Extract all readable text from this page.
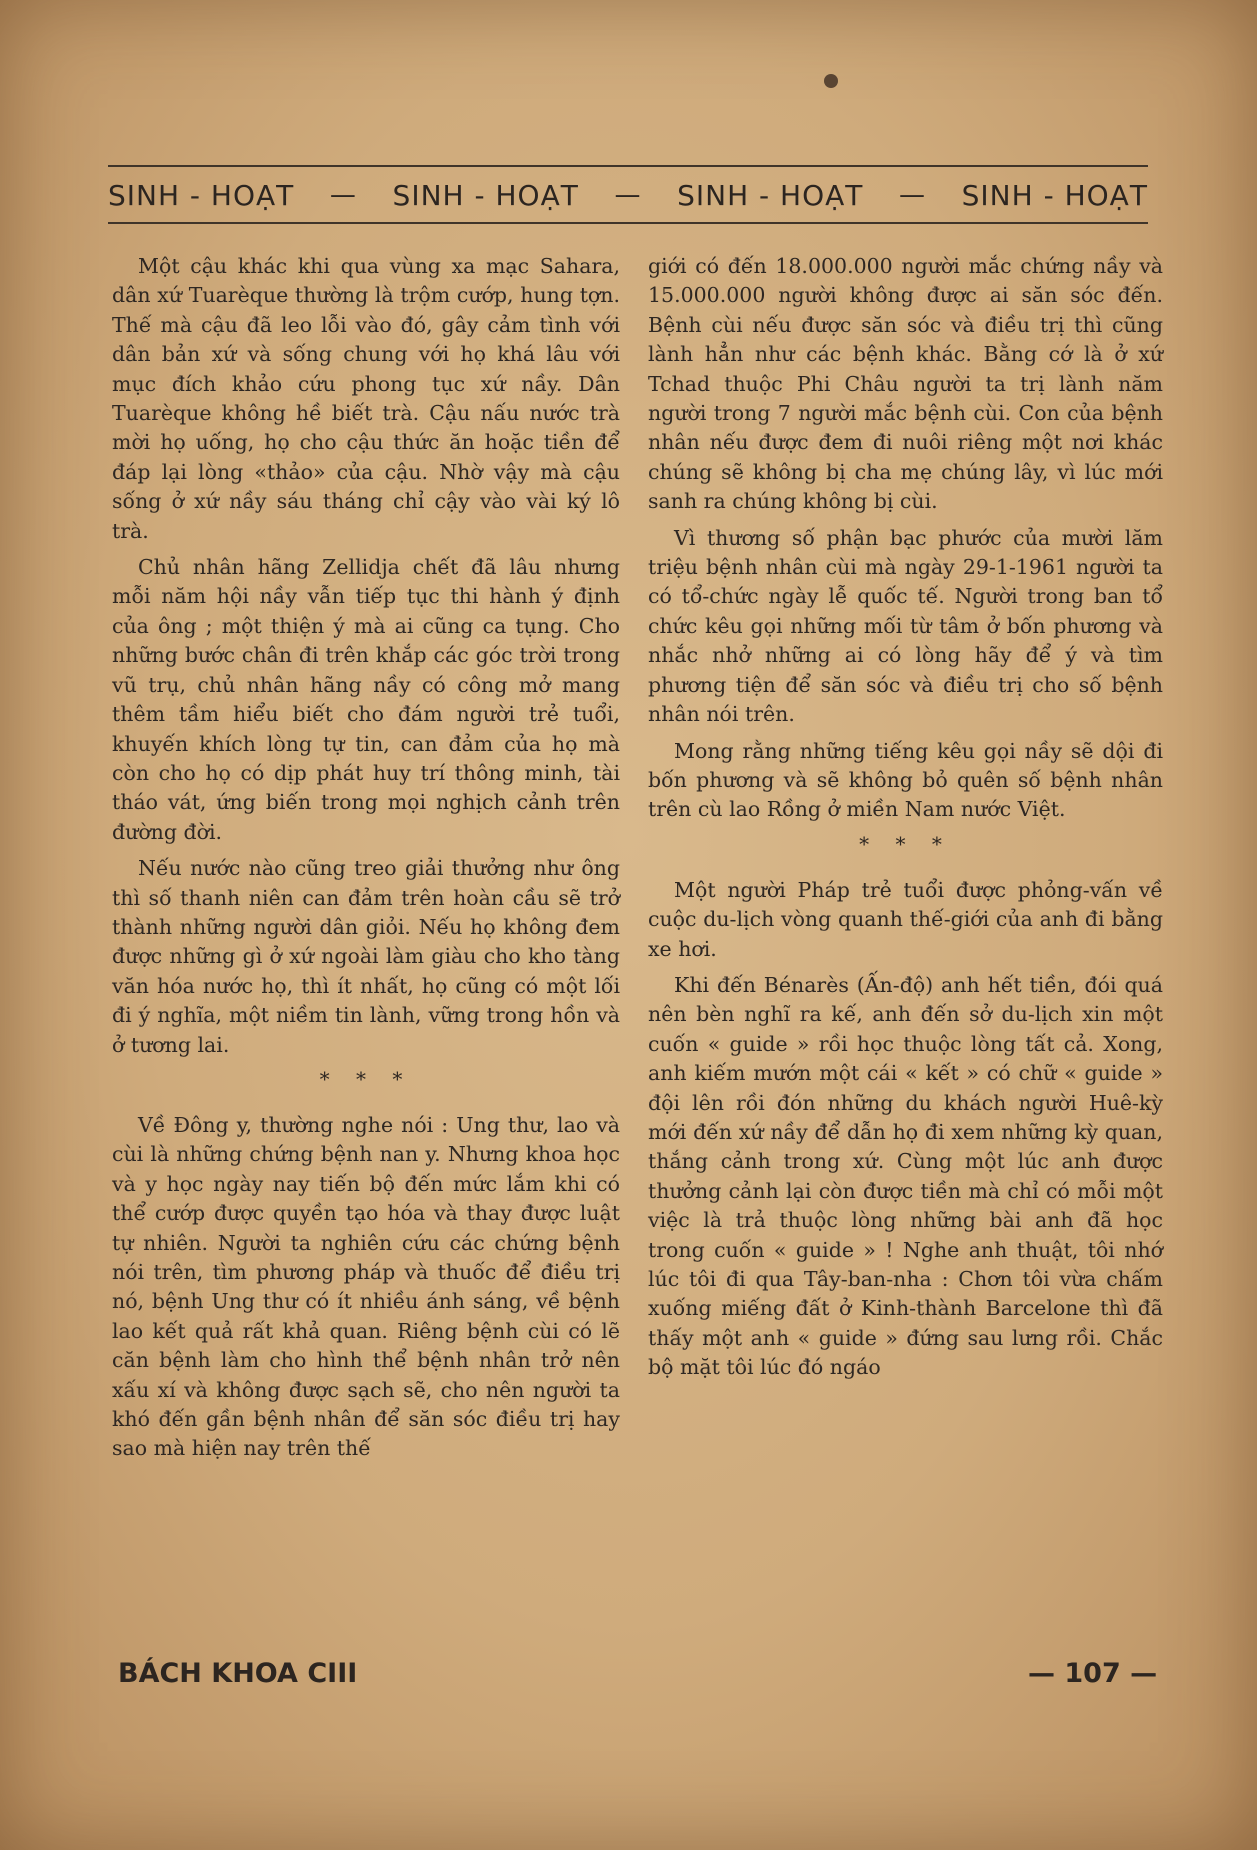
SINH - HOẠT — SINH - HOẠT — SINH - HOẠT — SINH - HOẠT

Một cậu khác khi qua vùng xa mạc Sahara, dân xứ Tuarèque thường là trộm cướp, hung tợn. Thế mà cậu đã leo lỗi vào đó, gây cảm tình với dân bản xứ và sống chung với họ khá lâu với mục đích khảo cứu phong tục xứ nầy. Dân Tuarèque không hề biết trà. Cậu nấu nước trà mời họ uống, họ cho cậu thức ăn hoặc tiền để đáp lại lòng «thảo» của cậu. Nhờ vậy mà cậu sống ở xứ nầy sáu tháng chỉ cậy vào vài ký lô trà.

Chủ nhân hãng Zellidja chết đã lâu nhưng mỗi năm hội nầy vẫn tiếp tục thi hành ý định của ông ; một thiện ý mà ai cũng ca tụng. Cho những bước chân đi trên khắp các góc trời trong vũ trụ, chủ nhân hãng nầy có công mở mang thêm tầm hiểu biết cho đám người trẻ tuổi, khuyến khích lòng tự tin, can đảm của họ mà còn cho họ có dịp phát huy trí thông minh, tài tháo vát, ứng biến trong mọi nghịch cảnh trên đường đời.

Nếu nước nào cũng treo giải thưởng như ông thì số thanh niên can đảm trên hoàn cầu sẽ trở thành những người dân giỏi. Nếu họ không đem được những gì ở xứ ngoài làm giàu cho kho tàng văn hóa nước họ, thì ít nhất, họ cũng có một lối đi ý nghĩa, một niềm tin lành, vững trong hồn và ở tương lai.

* * *

Về Đông y, thường nghe nói : Ung thư, lao và cùi là những chứng bệnh nan y. Nhưng khoa học và y học ngày nay tiến bộ đến mức lắm khi có thể cướp được quyền tạo hóa và thay được luật tự nhiên. Người ta nghiên cứu các chứng bệnh nói trên, tìm phương pháp và thuốc để điều trị nó, bệnh Ung thư có ít nhiều ánh sáng, về bệnh lao kết quả rất khả quan. Riêng bệnh cùi có lẽ căn bệnh làm cho hình thể bệnh nhân trở nên xấu xí và không được sạch sẽ, cho nên người ta khó đến gần bệnh nhân để săn sóc điều trị hay sao mà hiện nay trên thế

giới có đến 18.000.000 người mắc chứng nầy và 15.000.000 người không được ai săn sóc đến. Bệnh cùi nếu được săn sóc và điều trị thì cũng lành hẳn như các bệnh khác. Bằng cớ là ở xứ Tchad thuộc Phi Châu người ta trị lành năm người trong 7 người mắc bệnh cùi. Con của bệnh nhân nếu được đem đi nuôi riêng một nơi khác chúng sẽ không bị cha mẹ chúng lây, vì lúc mới sanh ra chúng không bị cùi.

Vì thương số phận bạc phước của mười lăm triệu bệnh nhân cùi mà ngày 29-1-1961 người ta có tổ-chức ngày lễ quốc tế. Người trong ban tổ chức kêu gọi những mối từ tâm ở bốn phương và nhắc nhở những ai có lòng hãy để ý và tìm phương tiện để săn sóc và điều trị cho số bệnh nhân nói trên.

Mong rằng những tiếng kêu gọi nầy sẽ dội đi bốn phương và sẽ không bỏ quên số bệnh nhân trên cù lao Rồng ở miền Nam nước Việt.

* * *

Một người Pháp trẻ tuổi được phỏng-vấn về cuộc du-lịch vòng quanh thế-giới của anh đi bằng xe hơi.

Khi đến Bénarès (Ấn-độ) anh hết tiền, đói quá nên bèn nghĩ ra kế, anh đến sở du-lịch xin một cuốn « guide » rồi học thuộc lòng tất cả. Xong, anh kiếm mướn một cái « kết » có chữ « guide » đội lên rồi đón những du khách người Huê-kỳ mới đến xứ nầy để dẫn họ đi xem những kỳ quan, thắng cảnh trong xứ. Cùng một lúc anh được thưởng cảnh lại còn được tiền mà chỉ có mỗi một việc là trả thuộc lòng những bài anh đã học trong cuốn « guide » ! Nghe anh thuật, tôi nhớ lúc tôi đi qua Tây-ban-nha : Chơn tôi vừa chấm xuống miếng đất ở Kinh-thành Barcelone thì đã thấy một anh « guide » đứng sau lưng rồi. Chắc bộ mặt tôi lúc đó ngáo

BÁCH KHOA CIII	— 107 —
